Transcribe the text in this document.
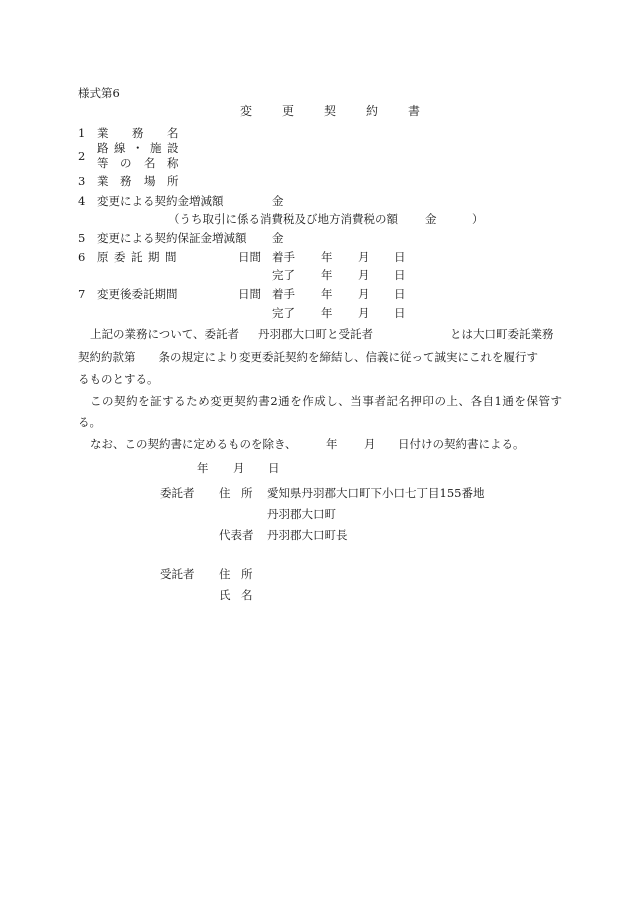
様式第6
変 更 契 約 書
1 業 務 名
2
路 線 ・ 施 設
等 の 名 称
3 業 務 場 所
4 変更による契約金増減額	金
（うち取引に係る消費税及び地方消費税の額 金	）
5 変更による契約保証金増減額 金
6 原 委 託 期 間	日間 着手 年 月 日
完了 年 月 日
7 変更後委託期間	日間 着手 年 月 日
完了 年 月 日
上記の業務について、委託者 丹羽郡大口町と受託者	とは大口町委託業務
契約約款第　　条の規定により変更委託契約を締結し、信義に従って誠実にこれを履行す
るものとする。
この契約を証するため変更契約書2通を作成し、当事者記名押印の上、各自1通を保管する。
なお、この契約書に定めるものを除き、	年 月 日付けの契約書による。
年 月 日
委託者 住 所 愛知県丹羽郡大口町下小口七丁目155番地
丹羽郡大口町
代表者 丹羽郡大口町長
受託者 住 所
氏 名
